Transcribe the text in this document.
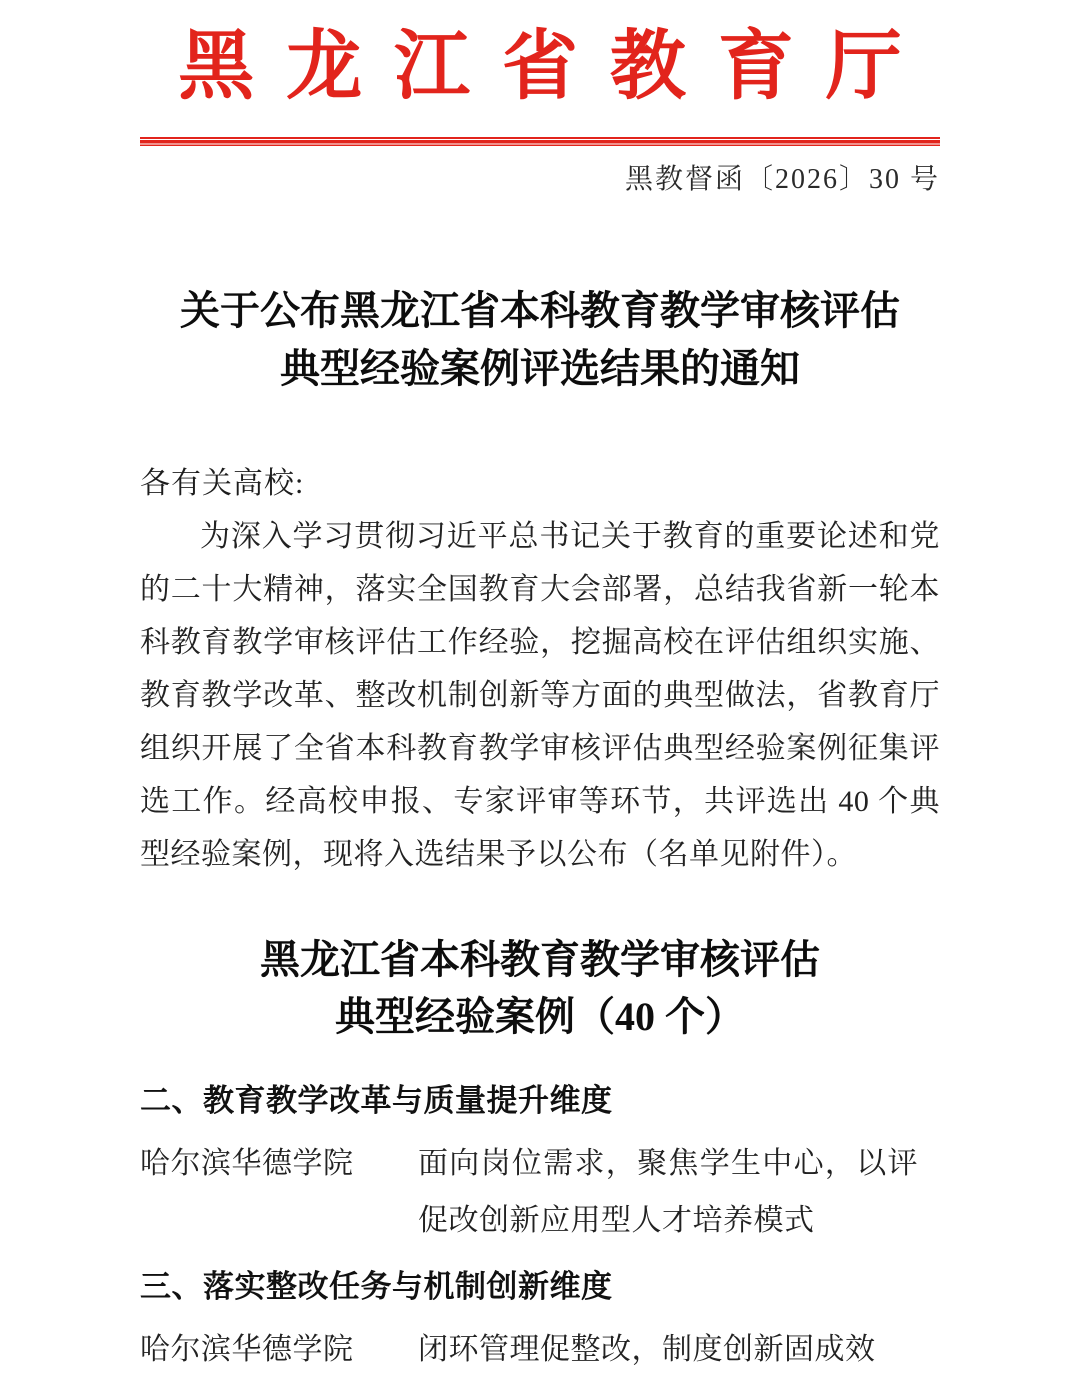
黑龙江省教育厅
黑教督函〔2026〕30 号
关于公布黑龙江省本科教育教学审核评估
典型经验案例评选结果的通知
各有关高校:

为深入学习贯彻习近平总书记关于教育的重要论述和党的二十大精神，落实全国教育大会部署，总结我省新一轮本科教育教学审核评估工作经验，挖掘高校在评估组织实施、教育教学改革、整改机制创新等方面的典型做法，省教育厅组织开展了全省本科教育教学审核评估典型经验案例征集评选工作。经高校申报、专家评审等环节，共评选出 40 个典型经验案例，现将入选结果予以公布（名单见附件）。

黑龙江省本科教育教学审核评估
典型经验案例（40 个）
二、教育教学改革与质量提升维度
哈尔滨华德学院	面向岗位需求，聚焦学生中心，以评促改创新应用型人才培养模式
三、落实整改任务与机制创新维度
哈尔滨华德学院	闭环管理促整改，制度创新固成效
